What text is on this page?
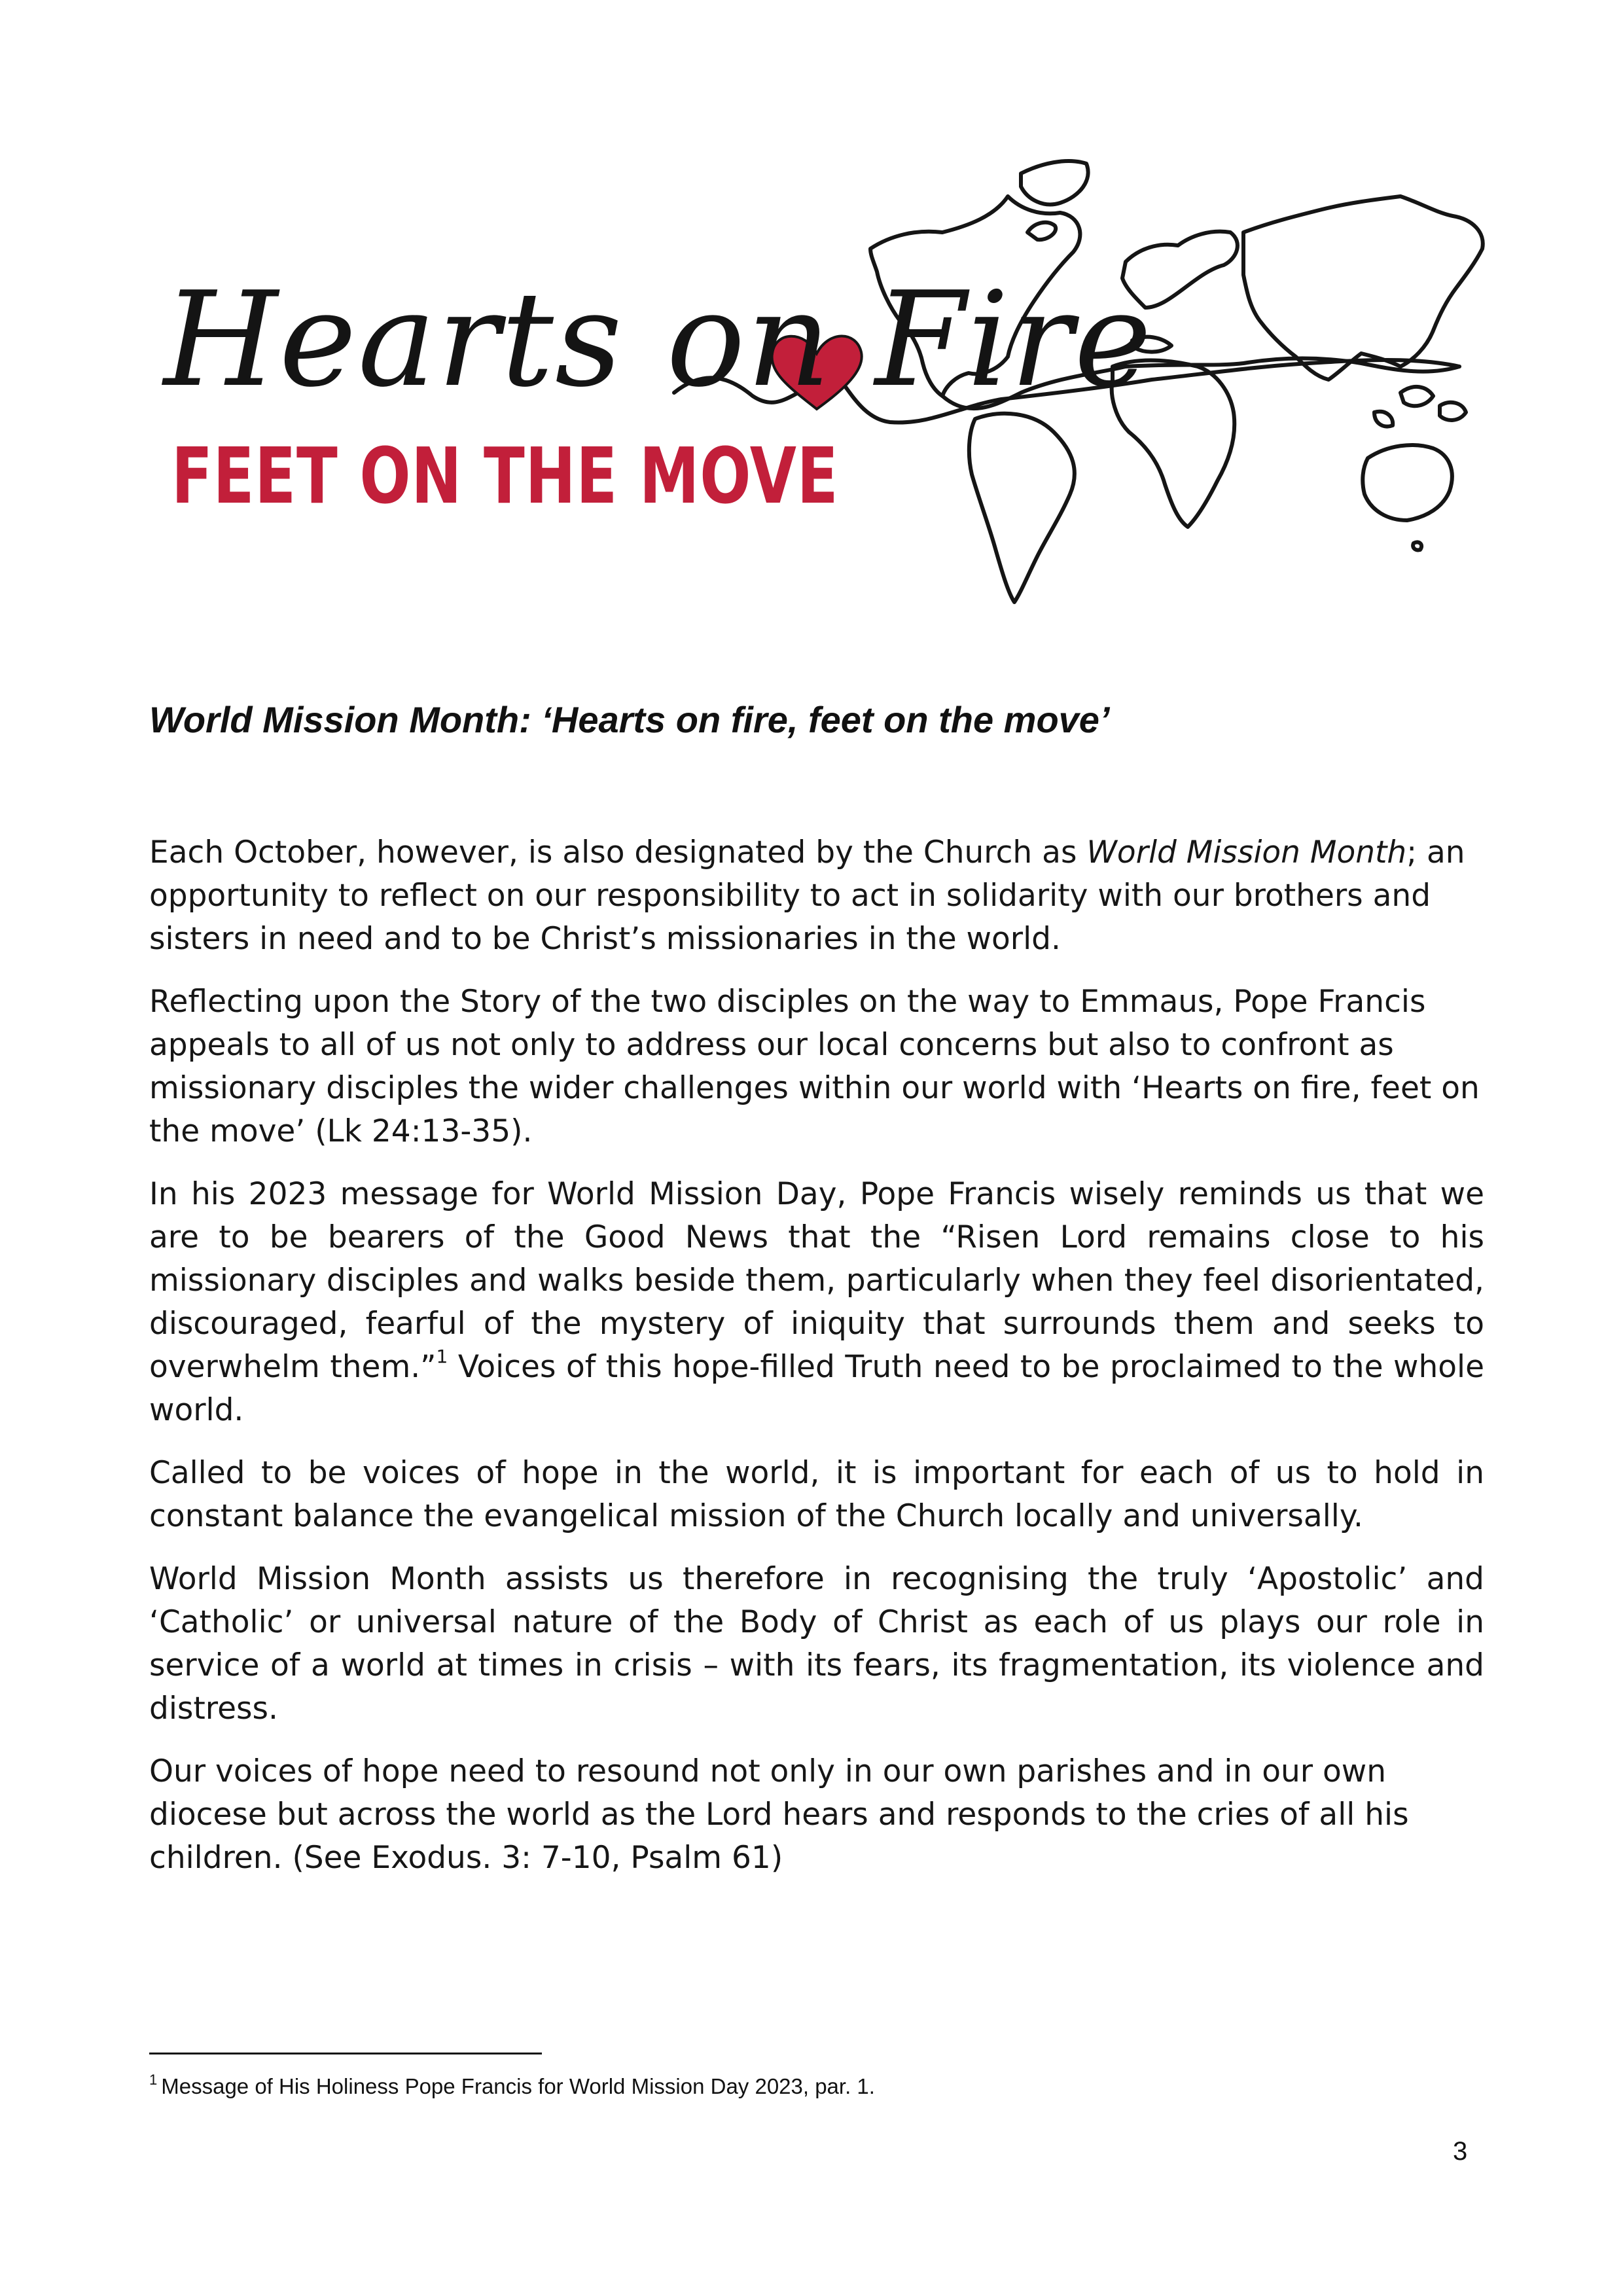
Hearts on Fire
FEET ON THE MOVE
World Mission Month: ‘Hearts on fire, feet on the move’

Each October, however, is also designated by the Church as World Mission Month; an opportunity to reflect on our responsibility to act in solidarity with our brothers and sisters in need and to be Christ’s missionaries in the world.

Reflecting upon the Story of the two disciples on the way to Emmaus, Pope Francis appeals to all of us not only to address our local concerns but also to confront as missionary disciples the wider challenges within our world with ‘Hearts on fire, feet on the move’ (Lk 24:13-35).

In his 2023 message for World Mission Day, Pope Francis wisely reminds us that we are to be bearers of the Good News that the “Risen Lord remains close to his missionary disciples and walks beside them, particularly when they feel disorientated, discouraged, fearful of the mystery of iniquity that surrounds them and seeks to overwhelm them.”$^1$ Voices of this hope-filled Truth need to be proclaimed to the whole world.

Called to be voices of hope in the world, it is important for each of us to hold in constant balance the evangelical mission of the Church locally and universally.

World Mission Month assists us therefore in recognising the truly ‘Apostolic’ and ‘Catholic’ or universal nature of the Body of Christ as each of us plays our role in service of a world at times in crisis – with its fears, its fragmentation, its violence and distress.

Our voices of hope need to resound not only in our own parishes and in our own diocese but across the world as the Lord hears and responds to the cries of all his children. (See Exodus. 3: 7-10, Psalm 61)

$^1$ Message of His Holiness Pope Francis for World Mission Day 2023, par. 1.
3
